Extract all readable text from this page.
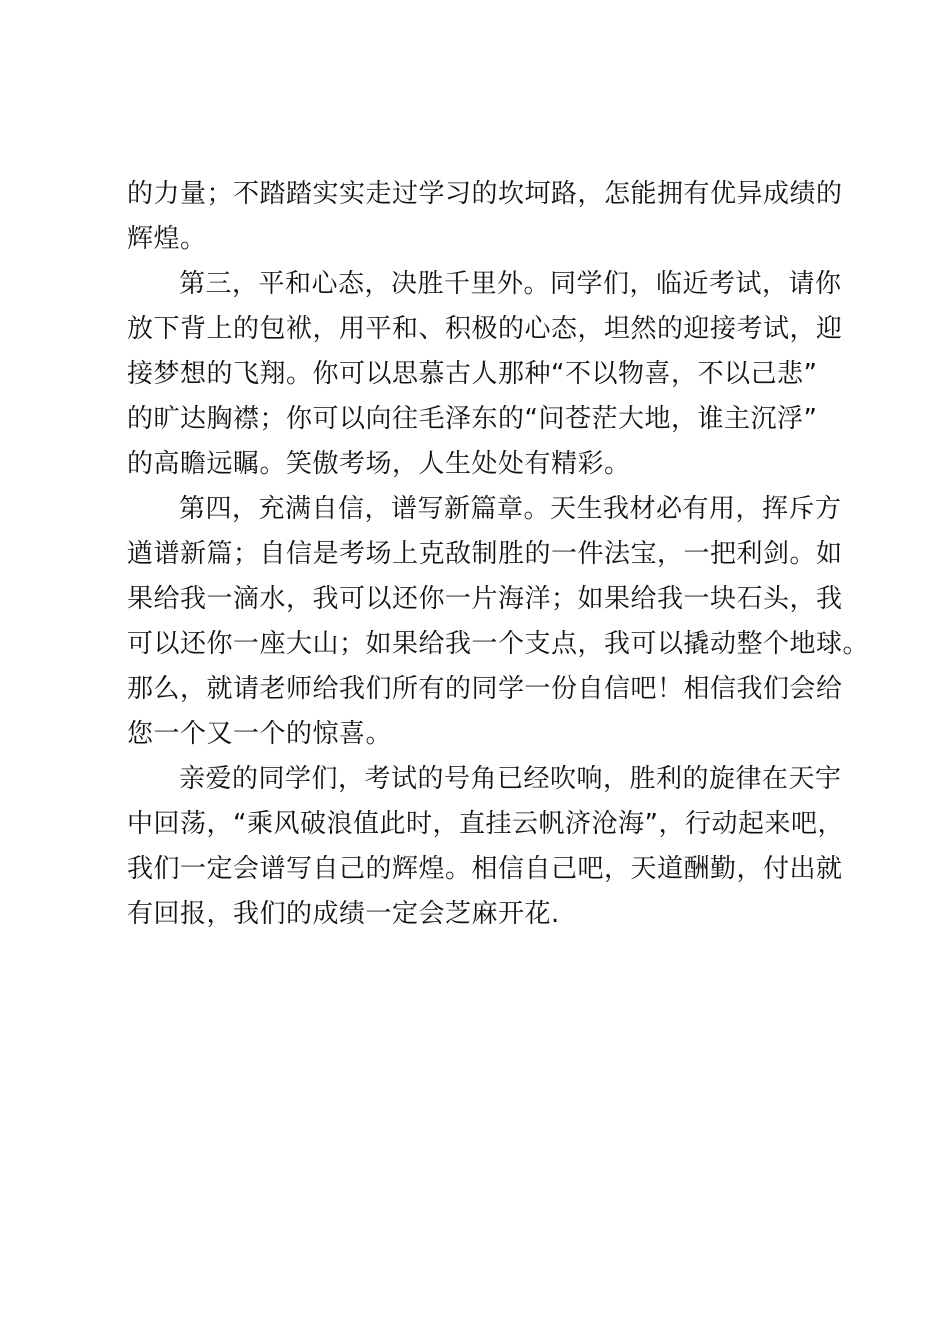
的力量；不踏踏实实走过学习的坎坷路，怎能拥有优异成绩的
辉煌。
第三，平和心态，决胜千里外。同学们，临近考试，请你
放下背上的包袱，用平和、积极的心态，坦然的迎接考试，迎
接梦想的飞翔。你可以思慕古人那种“不以物喜，不以己悲”
的旷达胸襟；你可以向往毛泽东的“问苍茫大地，谁主沉浮”
的高瞻远瞩。笑傲考场，人生处处有精彩。
第四，充满自信，谱写新篇章。天生我材必有用，挥斥方
遒谱新篇；自信是考场上克敌制胜的一件法宝，一把利剑。如
果给我一滴水，我可以还你一片海洋；如果给我一块石头，我
可以还你一座大山；如果给我一个支点，我可以撬动整个地球。
那么，就请老师给我们所有的同学一份自信吧！相信我们会给
您一个又一个的惊喜。
亲爱的同学们，考试的号角已经吹响，胜利的旋律在天宇
中回荡，“乘风破浪值此时，直挂云帆济沧海”，行动起来吧，
我们一定会谱写自己的辉煌。相信自己吧，天道酬勤，付出就
有回报，我们的成绩一定会芝麻开花.
